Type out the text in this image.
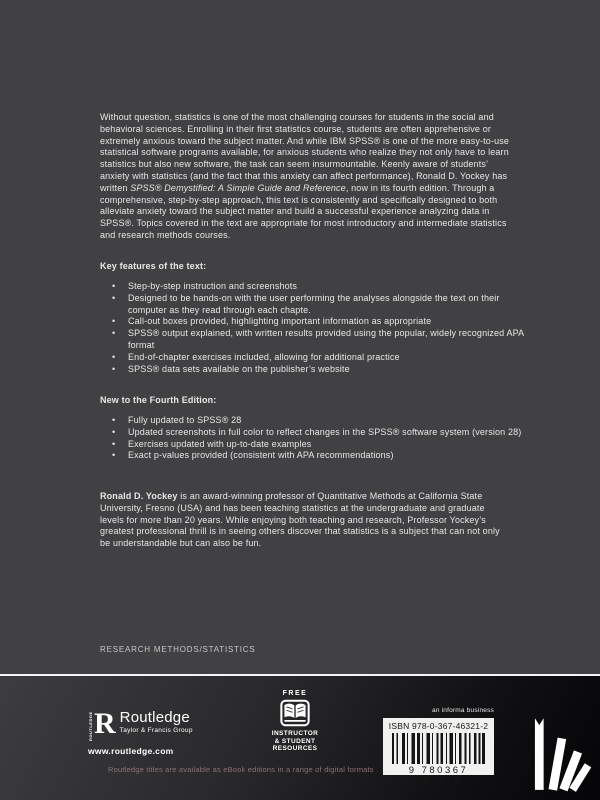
Without question, statistics is one of the most challenging courses for students in the social and behavioral sciences. Enrolling in their first statistics course, students are often apprehensive or extremely anxious toward the subject matter. And while IBM SPSS® is one of the more easy-to-use statistical software programs available, for anxious students who realize they not only have to learn statistics but also new software, the task can seem insurmountable. Keenly aware of students’ anxiety with statistics (and the fact that this anxiety can affect performance), Ronald D. Yockey has written SPSS® Demystified: A Simple Guide and Reference, now in its fourth edition. Through a comprehensive, step-by-step approach, this text is consistently and specifically designed to both alleviate anxiety toward the subject matter and build a successful experience analyzing data in SPSS®. Topics covered in the text are appropriate for most introductory and intermediate statistics and research methods courses.
Key features of the text:
• Step-by-step instruction and screenshots
• Designed to be hands-on with the user performing the analyses alongside the text on their computer as they read through each chapte.
• Call-out boxes provided, highlighting important information as appropriate
• SPSS® output explained, with written results provided using the popular, widely recognized APA format
• End-of-chapter exercises included, allowing for additional practice
• SPSS® data sets available on the publisher’s website
New to the Fourth Edition:
• Fully updated to SPSS® 28
• Updated screenshots in full color to reflect changes in the SPSS® software system (version 28)
• Exercises updated with up-to-date examples
• Exact p-values provided (consistent with APA recommendations)
Ronald D. Yockey is an award-winning professor of Quantitative Methods at California State University, Fresno (USA) and has been teaching statistics at the undergraduate and graduate levels for more than 20 years. While enjoying both teaching and research, Professor Yockey’s greatest professional thrill is in seeing others discover that statistics is a subject that can not only be understandable but can also be fun.
RESEARCH METHODS/STATISTICS
ROUTLEDGE R Routledge
Taylor & Francis Group
www.routledge.com
Routledge titles are available as eBook editions in a range of digital formats
FREE
INSTRUCTOR
& STUDENT
RESOURCES
an informa business
ISBN 978-0-367-46321-2
9 780367 463212
